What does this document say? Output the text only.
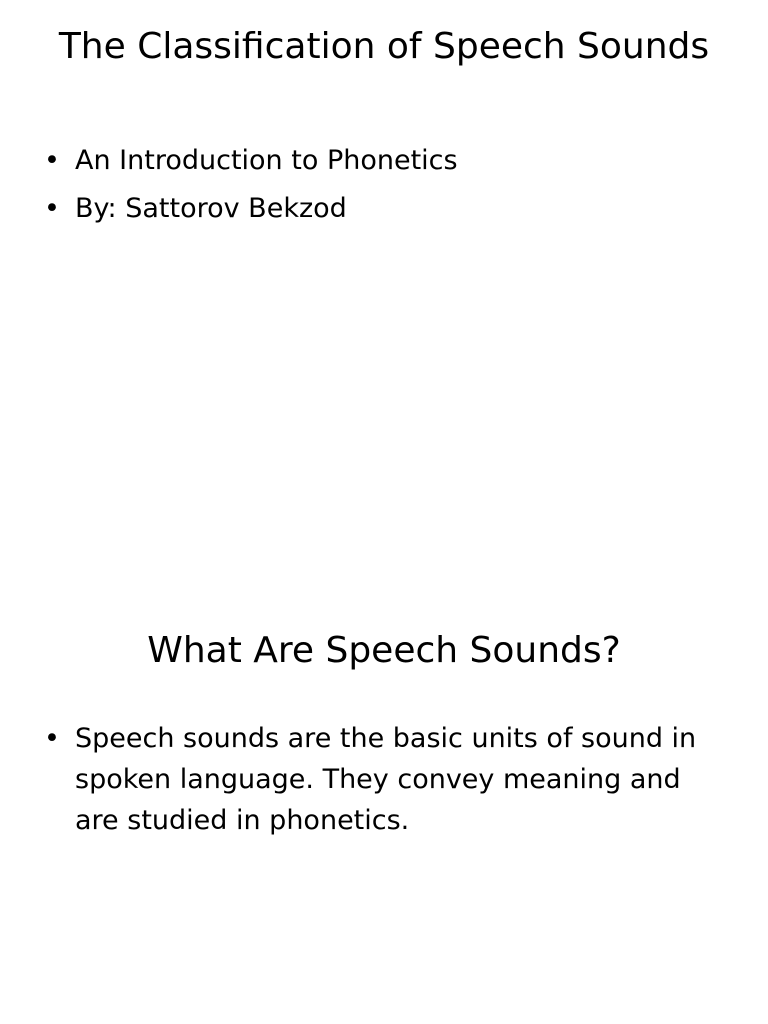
The Classification of Speech Sounds
• An Introduction to Phonetics
• By: Sattorov Bekzod
What Are Speech Sounds?
• Speech sounds are the basic units of sound in spoken language. They convey meaning and are studied in phonetics.
